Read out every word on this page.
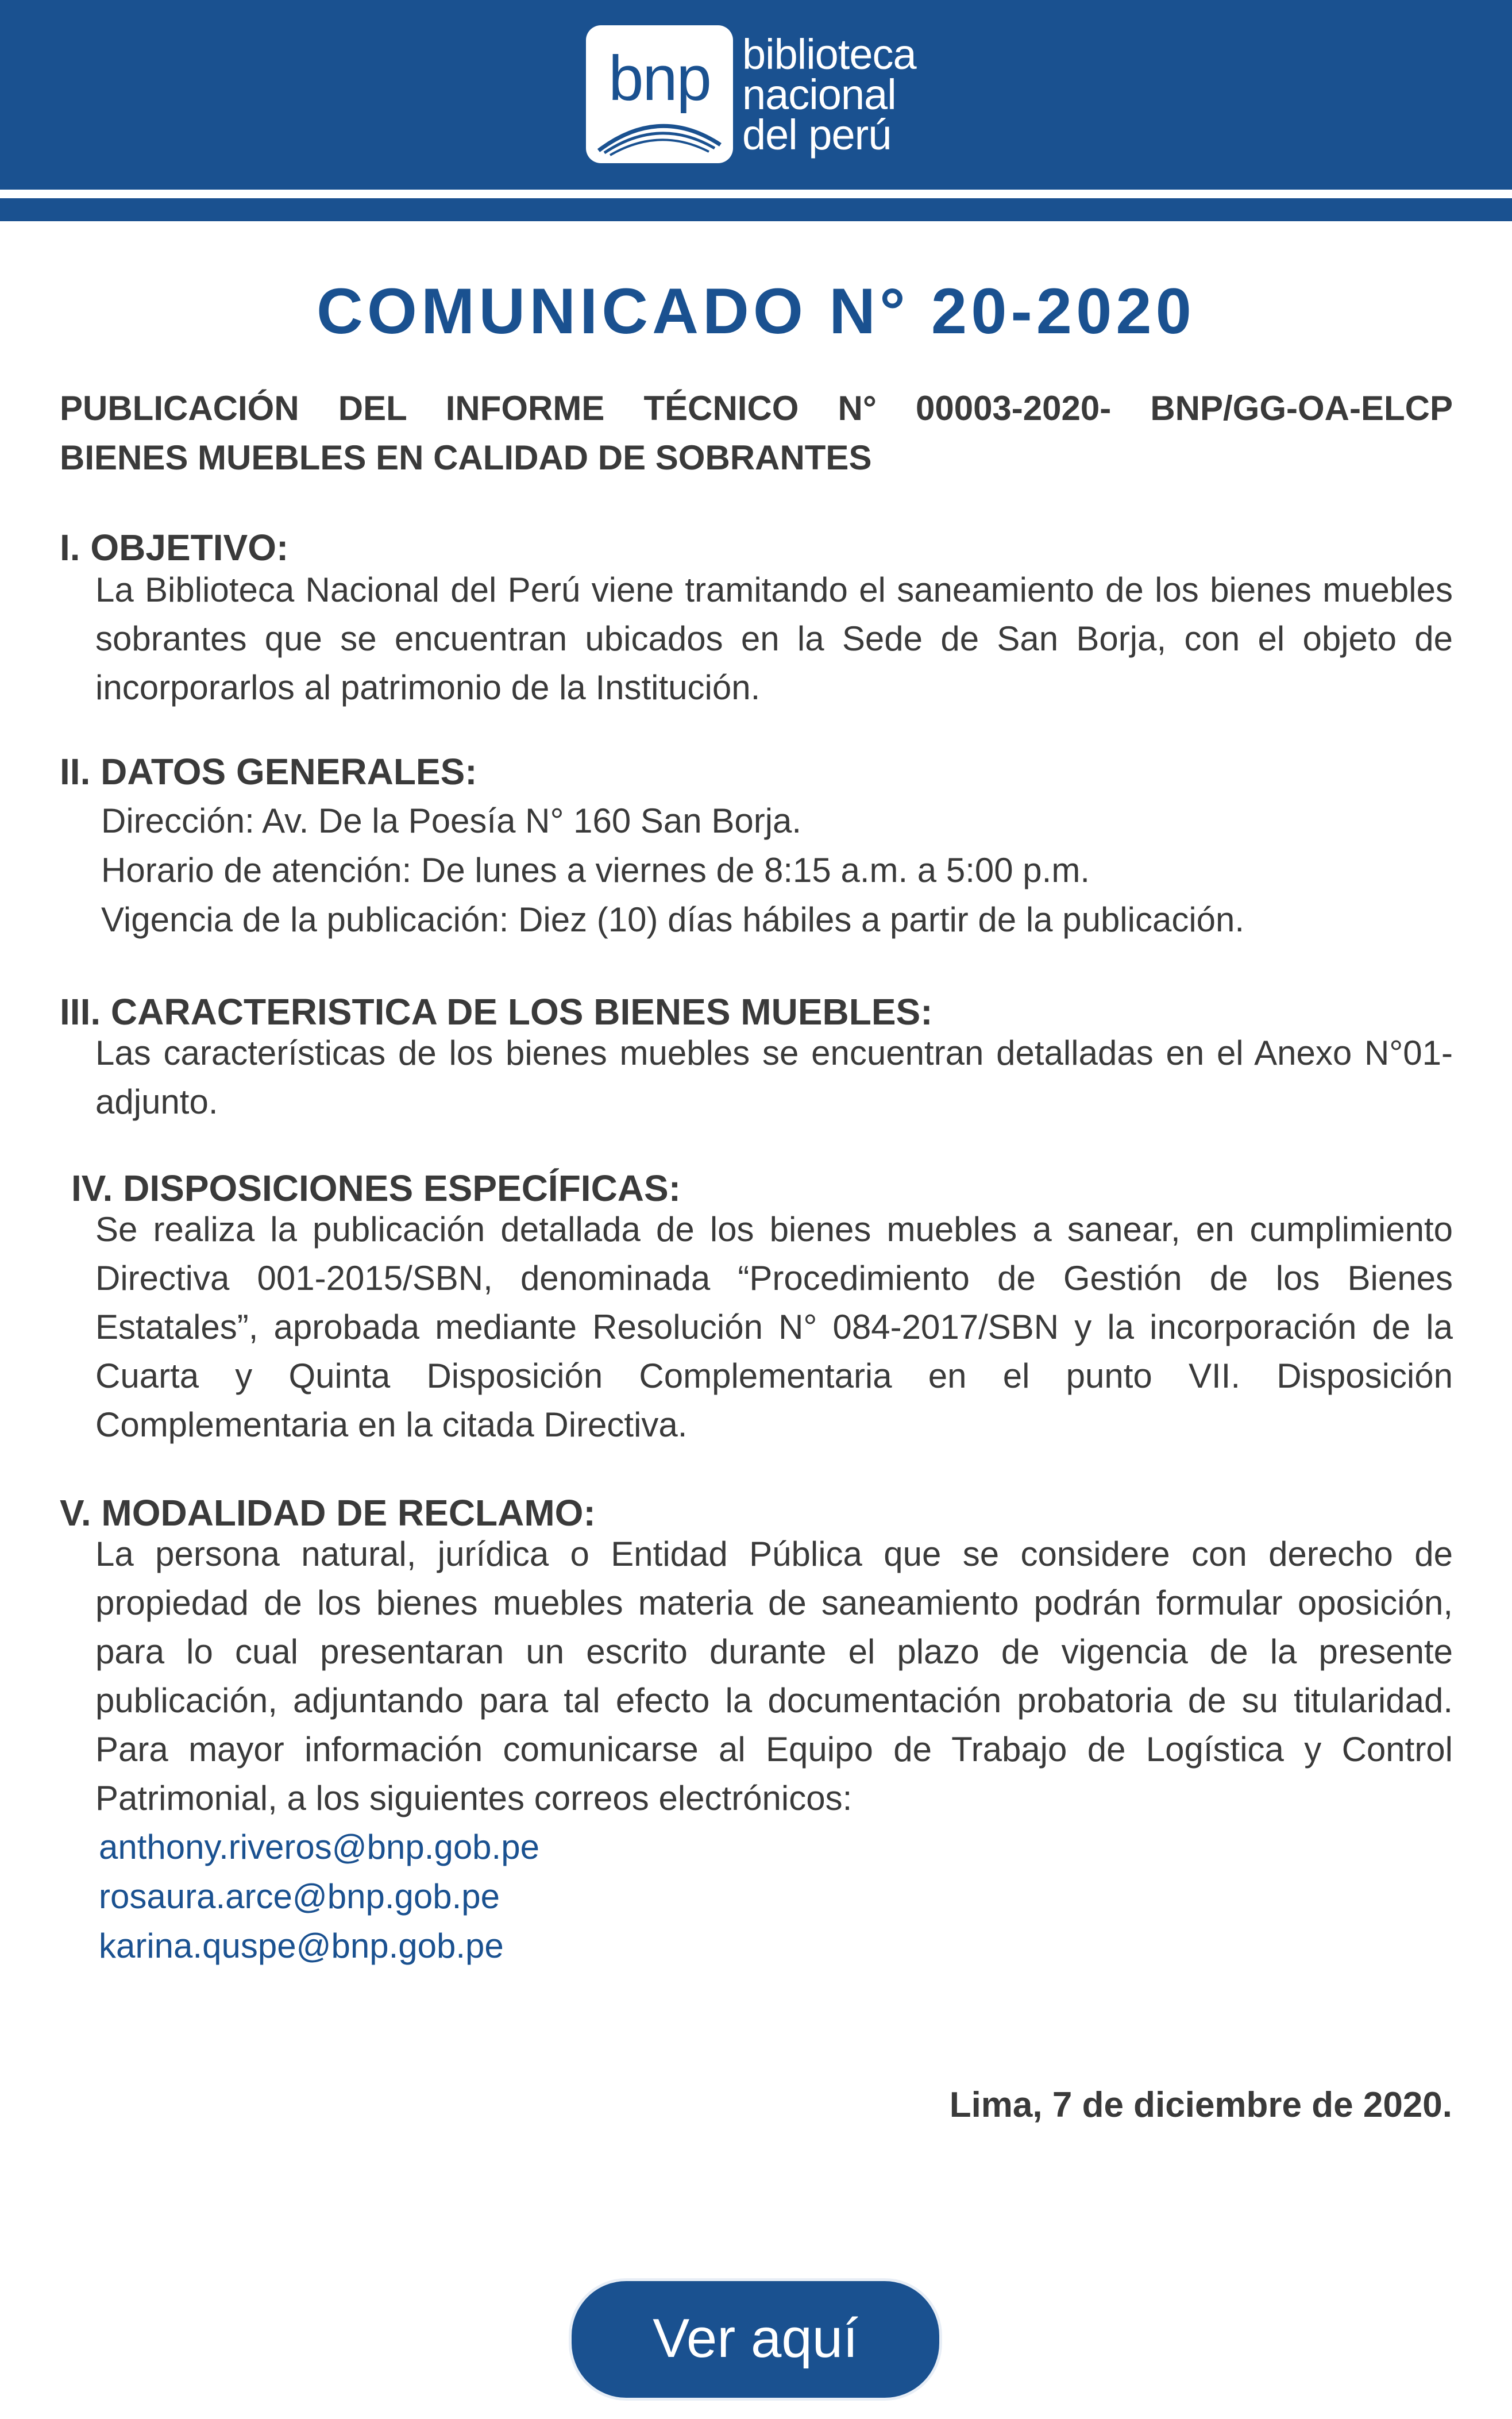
bnp biblioteca
nacional
del perú
COMUNICADO N° 20-2020
PUBLICACIÓN DEL INFORME TÉCNICO N° 00003-2020- BNP/GG-OA-ELCP
BIENES MUEBLES EN CALIDAD DE SOBRANTES
I. OBJETIVO:
La Biblioteca Nacional del Perú viene tramitando el saneamiento de los bienes muebles sobrantes que se encuentran ubicados en la Sede de San Borja, con el objeto de incorporarlos al patrimonio de la Institución.
II. DATOS GENERALES:
Dirección: Av. De la Poesía N° 160 San Borja.
Horario de atención: De lunes a viernes de 8:15 a.m. a 5:00 p.m.
Vigencia de la publicación: Diez (10) días hábiles a partir de la publicación.
III. CARACTERISTICA DE LOS BIENES MUEBLES:
Las características de los bienes muebles se encuentran detalladas en el Anexo N°01- adjunto.
IV. DISPOSICIONES ESPECÍFICAS:
Se realiza la publicación detallada de los bienes muebles a sanear, en cumplimiento Directiva 001-2015/SBN, denominada “Procedimiento de Gestión de los Bienes Estatales”, aprobada mediante Resolución N° 084-2017/SBN y la incorporación de la Cuarta y Quinta Disposición Complementaria en el punto VII. Disposición Complementaria en la citada Directiva.
V. MODALIDAD DE RECLAMO:
La persona natural, jurídica o Entidad Pública que se considere con derecho de propiedad de los bienes muebles materia de saneamiento podrán formular oposición, para lo cual presentaran un escrito durante el plazo de vigencia de la presente publicación, adjuntando para tal efecto la documentación probatoria de su titularidad. Para mayor información comunicarse al Equipo de Trabajo de Logística y Control Patrimonial, a los siguientes correos electrónicos:
anthony.riveros@bnp.gob.pe
rosaura.arce@bnp.gob.pe
karina.quspe@bnp.gob.pe
Lima, 7 de diciembre de 2020.
Ver aquí
